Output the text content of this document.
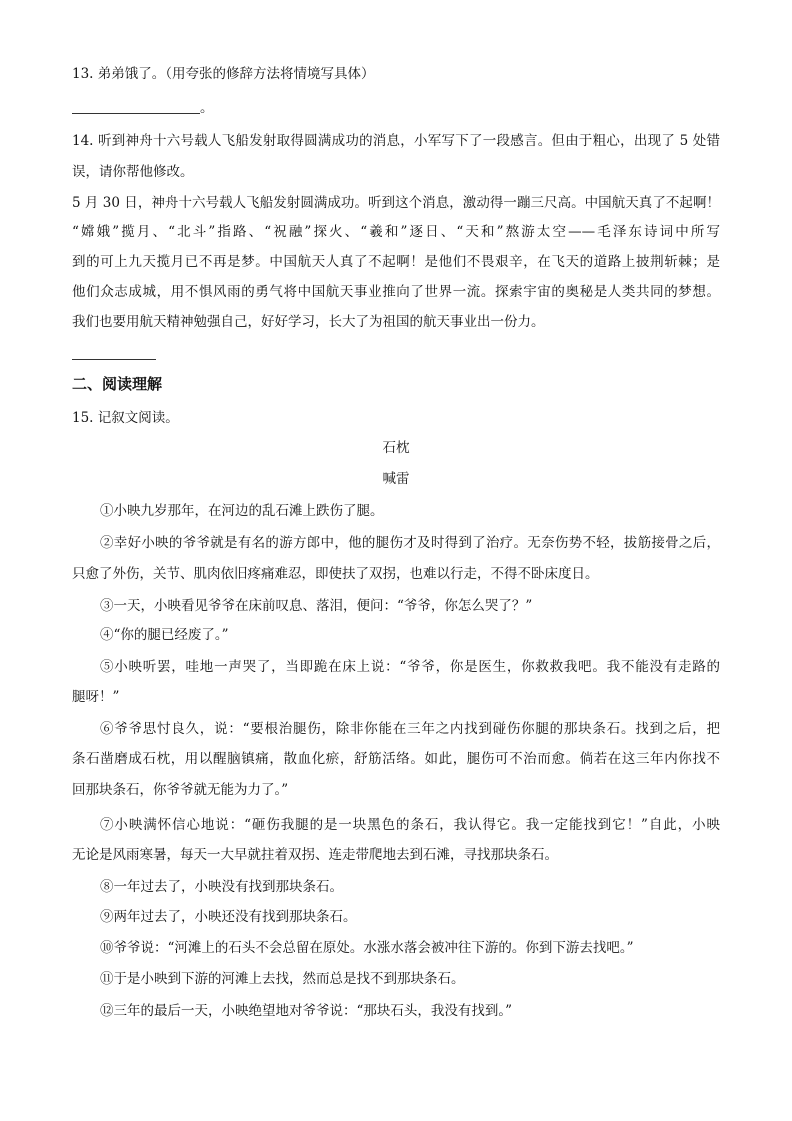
13. 弟弟饿了。（用夸张的修辞方法将情境写具体）
。
14. 听到神舟十六号载人飞船发射取得圆满成功的消息，小军写下了一段感言。但由于粗心，出现了 5 处错
误，请你帮他修改。
5 月 30 日，神舟十六号载人飞船发射圆满成功。听到这个消息，激动得一蹦三尺高。中国航天真了不起啊！
“嫦娥”揽月、“北斗”指路、“祝融”探火、“羲和”逐日、“天和”熬游太空——毛泽东诗词中所写
到的可上九天揽月已不再是梦。中国航天人真了不起啊！是他们不畏艰辛，在飞天的道路上披荆斩棘；是
他们众志成城，用不惧风雨的勇气将中国航天事业推向了世界一流。探索宇宙的奥秘是人类共同的梦想。
我们也要用航天精神勉强自己，好好学习，长大了为祖国的航天事业出一份力。
二、阅读理解
15. 记叙文阅读。
石枕
喊雷
①小映九岁那年，在河边的乱石滩上跌伤了腿。
②幸好小映的爷爷就是有名的游方郎中，他的腿伤才及时得到了治疗。无奈伤势不轻，拔筋接骨之后，
只愈了外伤，关节、肌肉依旧疼痛难忍，即使扶了双拐，也难以行走，不得不卧床度日。
③一天，小映看见爷爷在床前叹息、落泪，便问：“爷爷，你怎么哭了？”
④“你的腿已经废了。”
⑤小映听罢，哇地一声哭了，当即跪在床上说：“爷爷，你是医生，你救救我吧。我不能没有走路的
腿呀！”
⑥爷爷思忖良久，说：“要根治腿伤，除非你能在三年之内找到碰伤你腿的那块条石。找到之后，把
条石凿磨成石枕，用以醒脑镇痛，散血化瘀，舒筋活络。如此，腿伤可不治而愈。倘若在这三年内你找不
回那块条石，你爷爷就无能为力了。”
⑦小映满怀信心地说：“砸伤我腿的是一块黑色的条石，我认得它。我一定能找到它！”自此，小映
无论是风雨寒暑，每天一大早就拄着双拐、连走带爬地去到石滩，寻找那块条石。
⑧一年过去了，小映没有找到那块条石。
⑨两年过去了，小映还没有找到那块条石。
⑩爷爷说：“河滩上的石头不会总留在原处。水涨水落会被冲往下游的。你到下游去找吧。”
⑪于是小映到下游的河滩上去找，然而总是找不到那块条石。
⑫三年的最后一天，小映绝望地对爷爷说：“那块石头，我没有找到。”
